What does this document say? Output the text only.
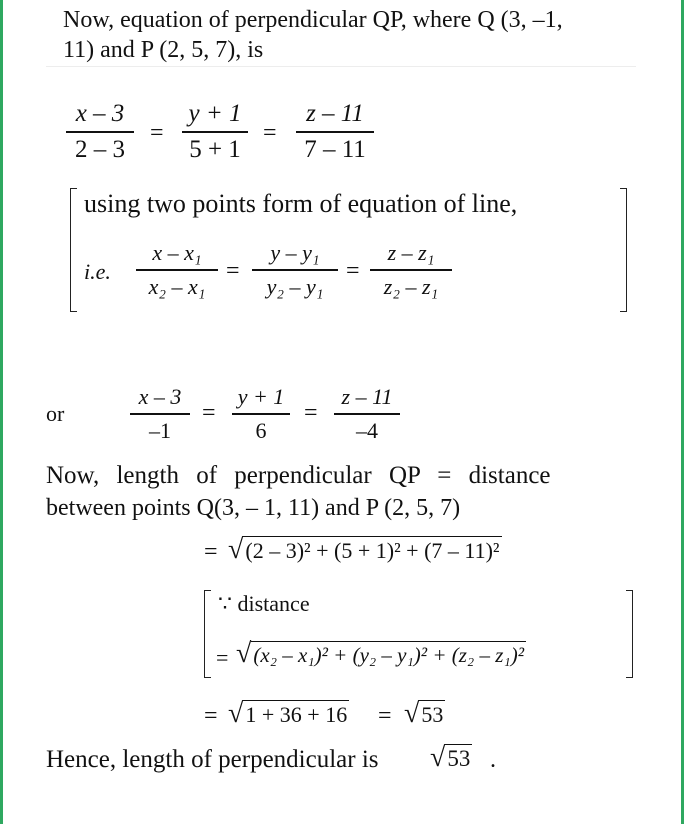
Now, equation of perpendicular QP, where Q (3, –1,
11) and P (2, 5, 7), is
x – 3
2 – 3
=
y + 1
5 + 1
=
z – 11
7 – 11
using two points form of equation of line,
i.e.
x – x₁
x₂ – x₁
=
y – y₁
y₂ – y₁
=
z – z₁
z₂ – z₁
or
x – 3
–1
=
y + 1
6
=
z – 11
–4
Now, length of perpendicular QP = distance
between points Q(3, – 1, 11) and P (2, 5, 7)
= √(2 – 3)² + (5 + 1)² + (7 – 11)²
∵ distance
= √(x₂ – x₁)² + (y₂ – y₁)² + (z₂ – z₁)²
= √1 + 36 + 16 = √53
Hence, length of perpendicular is √53 .
